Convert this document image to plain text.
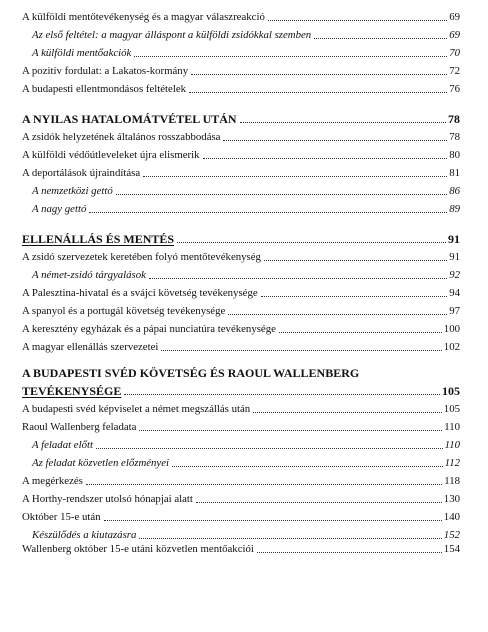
A külföldi mentőtevékenység és a magyar válaszreakció	69
Az első feltétel: a magyar álláspont a külföldi zsidókkal szemben	69
A külföldi mentőakciók	70
A pozitív fordulat: a Lakatos-kormány	72
A budapesti ellentmondásos feltételek	76
A NYILAS HATALOMÁTVÉTEL UTÁN	78
A zsidók helyzetének általános rosszabbodása	78
A külföldi védőútleveleket újra elismerik	80
A deportálások újraindítása	81
A nemzetközi gettó	86
A nagy gettó	89
ELLENÁLLÁS ÉS MENTÉS	91
A zsidó szervezetek keretében folyó mentőtevékenység	91
A német-zsidó tárgyalások	92
A Palesztina-hivatal és a svájci követség tevékenysége	94
A spanyol és a portugál követség tevékenysége	97
A keresztény egyházak és a pápai nunciatúra tevékenysége	100
A magyar ellenállás szervezetei	102
A BUDAPESTI SVÉD KÖVETSÉG ÉS RAOUL WALLENBERG
TEVÉKENYSÉGE	105
A budapesti svéd képviselet a német megszállás után	105
Raoul Wallenberg feladata	110
A feladat előtt	110
Az feladat közvetlen előzményei	112
A megérkezés	118
A Horthy-rendszer utolsó hónapjai alatt	130
Október 15-e után	140
Készülődés a kiutazásra	152
Wallenberg október 15-e utáni közvetlen mentőakciói	154
